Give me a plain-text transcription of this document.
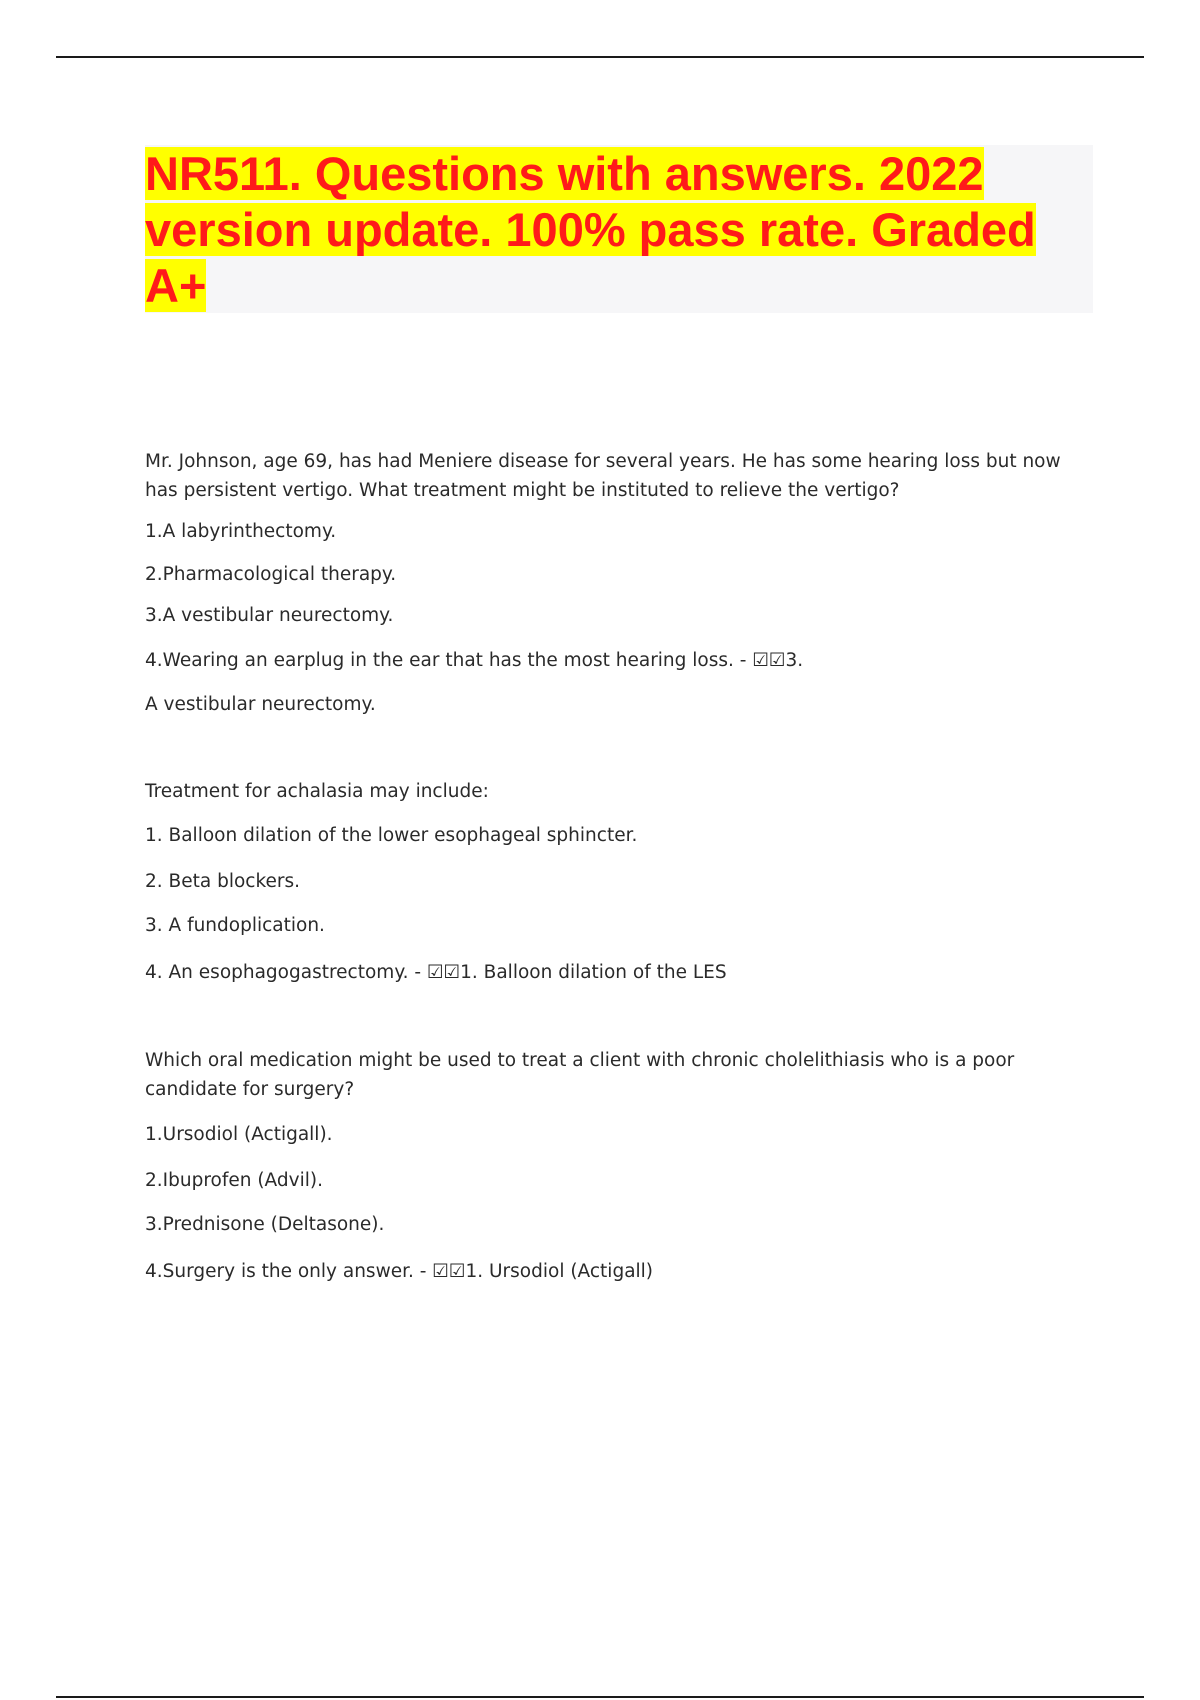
NR511. Questions with answers. 2022 version update. 100% pass rate. Graded A+

Mr. Johnson, age 69, has had Meniere disease for several years. He has some hearing loss but now has persistent vertigo. What treatment might be instituted to relieve the vertigo?

1.A labyrinthectomy.

2.Pharmacological therapy.

3.A vestibular neurectomy.

4.Wearing an earplug in the ear that has the most hearing loss. - ☑☑3.

A vestibular neurectomy.

Treatment for achalasia may include:

1. Balloon dilation of the lower esophageal sphincter.

2. Beta blockers.

3. A fundoplication.

4. An esophagogastrectomy. - ☑☑1. Balloon dilation of the LES

Which oral medication might be used to treat a client with chronic cholelithiasis who is a poor candidate for surgery?

1.Ursodiol (Actigall).

2.Ibuprofen (Advil).

3.Prednisone (Deltasone).

4.Surgery is the only answer. - ☑☑1. Ursodiol (Actigall)
